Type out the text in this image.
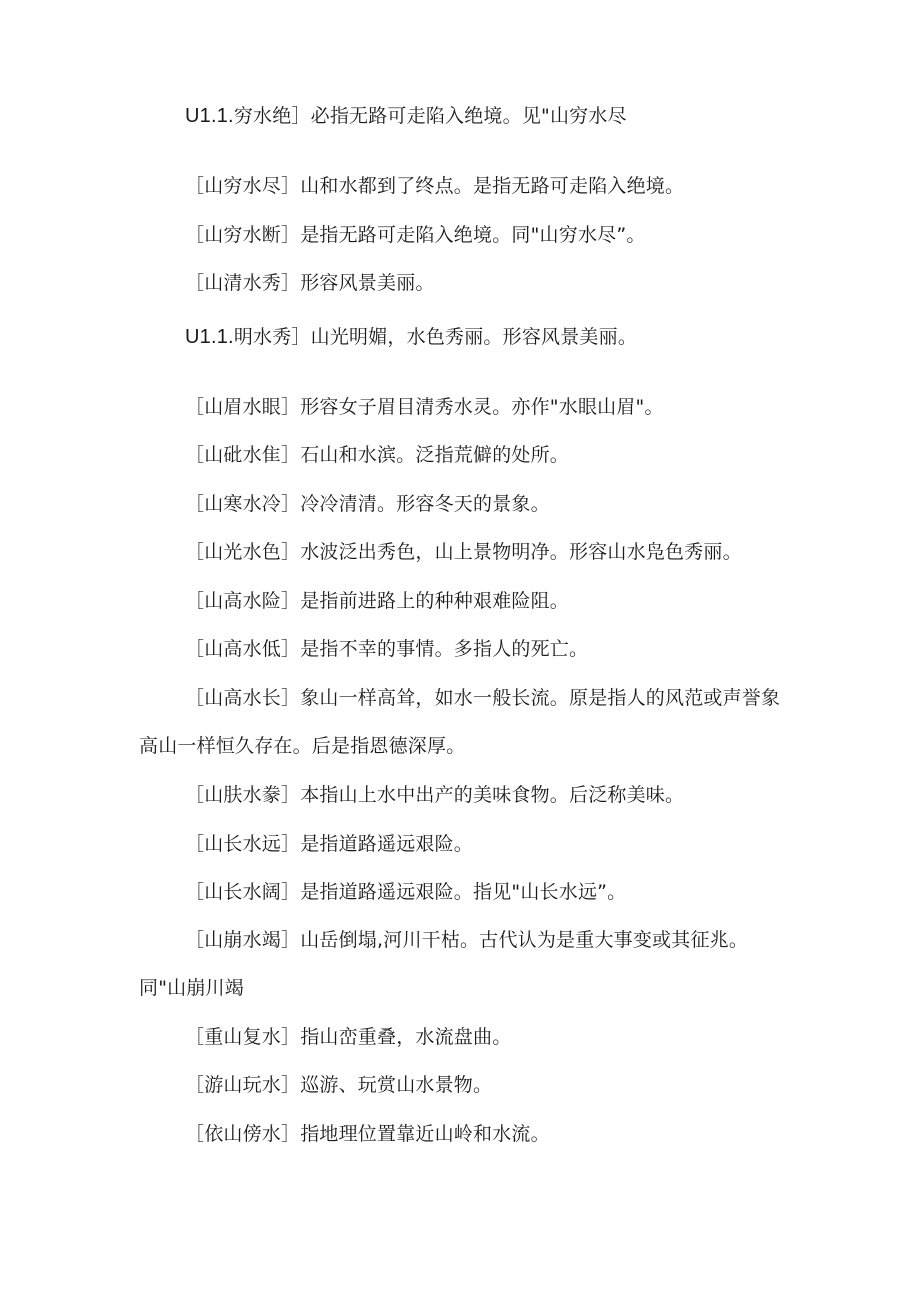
U1.1.穷水绝］必指无路可走陷入绝境。见"山穷水尽

［山穷水尽］山和水都到了终点。是指无路可走陷入绝境。

［山穷水断］是指无路可走陷入绝境。同"山穷水尽”。

［山清水秀］形容风景美丽。

U1.1.明水秀］山光明媚，水色秀丽。形容风景美丽。

［山眉水眼］形容女子眉目清秀水灵。亦作"水眼山眉"。

［山砒水隹］石山和水滨。泛指荒僻的处所。

［山寒水冷］冷冷清清。形容冬天的景象。

［山光水色］水波泛出秀色，山上景物明净。形容山水凫色秀丽。

［山高水险］是指前进路上的种种艰难险阻。

［山高水低］是指不幸的事情。多指人的死亡。

［山高水长］象山一样高耸，如水一般长流。原是指人的风范或声誉象高山一样恒久存在。后是指恩德深厚。

［山肤水豢］本指山上水中出产的美味食物。后泛称美味。

［山长水远］是指道路遥远艰险。

［山长水阔］是指道路遥远艰险。指见"山长水远”。

［山崩水竭］山岳倒塌,河川干枯。古代认为是重大事变或其征兆。同"山崩川竭

［重山复水］指山峦重叠，水流盘曲。

［游山玩水］巡游、玩赏山水景物。

［依山傍水］指地理位置靠近山岭和水流。
